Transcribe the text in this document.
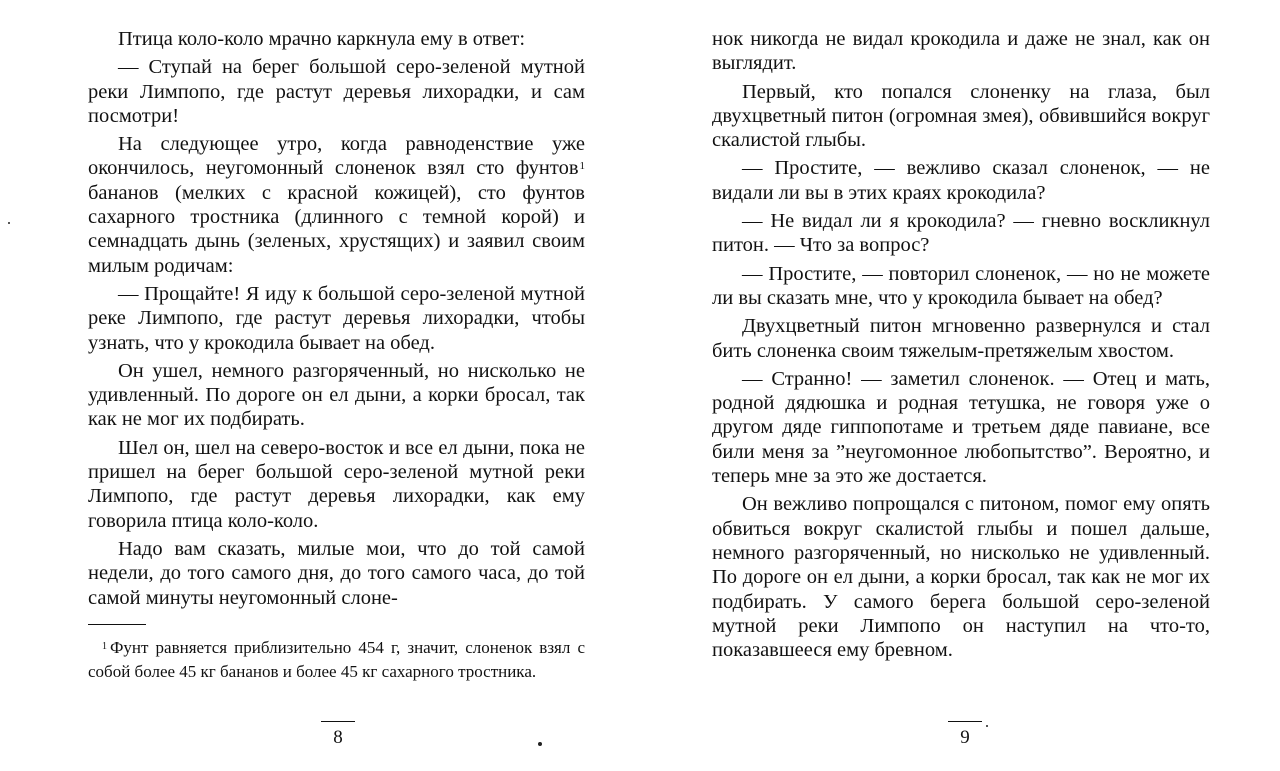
Птица коло-коло мрачно каркнула ему в ответ:

— Ступай на берег большой серо-зеленой мутной реки Лимпопо, где растут деревья лихорадки, и сам посмотри!

На следующее утро, когда равноденствие уже окончилось, неугомонный слоненок взял сто фунтов$^1$ бананов (мелких с красной кожицей), сто фунтов сахарного тростника (длинного с темной корой) и семнадцать дынь (зеленых, хрустящих) и заявил своим милым родичам:

— Прощайте! Я иду к большой серо-зеленой мутной реке Лимпопо, где растут деревья лихорадки, чтобы узнать, что у крокодила бывает на обед.

Он ушел, немного разгоряченный, но нисколько не удивленный. По дороге он ел дыни, а корки бросал, так как не мог их подбирать.

Шел он, шел на северо-восток и все ел дыни, пока не пришел на берег большой серо-зеленой мутной реки Лимпопо, где растут деревья лихорадки, как ему говорила птица коло-коло.

Надо вам сказать, милые мои, что до той самой недели, до того самого дня, до того самого часа, до той самой минуты неугомонный слоне-

$^1$ Фунт равняется приблизительно 454 г, значит, слоненок взял с собой более 45 кг бананов и более 45 кг сахарного тростника.

8

нок никогда не видал крокодила и даже не знал, как он выглядит.

Первый, кто попался слоненку на глаза, был двухцветный питон (огромная змея), обвившийся вокруг скалистой глыбы.

— Простите, — вежливо сказал слоненок, — не видали ли вы в этих краях крокодила?

— Не видал ли я крокодила? — гневно воскликнул питон. — Что за вопрос?

— Простите, — повторил слоненок, — но не можете ли вы сказать мне, что у крокодила бывает на обед?

Двухцветный питон мгновенно развернулся и стал бить слоненка своим тяжелым-претяжелым хвостом.

— Странно! — заметил слоненок. — Отец и мать, родной дядюшка и родная тетушка, не говоря уже о другом дяде гиппопотаме и третьем дяде павиане, все били меня за ”неугомонное любопытство”. Вероятно, и теперь мне за это же достается.

Он вежливо попрощался с питоном, помог ему опять обвиться вокруг скалистой глыбы и пошел дальше, немного разгоряченный, но нисколько не удивленный. По дороге он ел дыни, а корки бросал, так как не мог их подбирать. У самого берега большой серо-зеленой мутной реки Лимпопо он наступил на что-то, показавшееся ему бревном.

9
